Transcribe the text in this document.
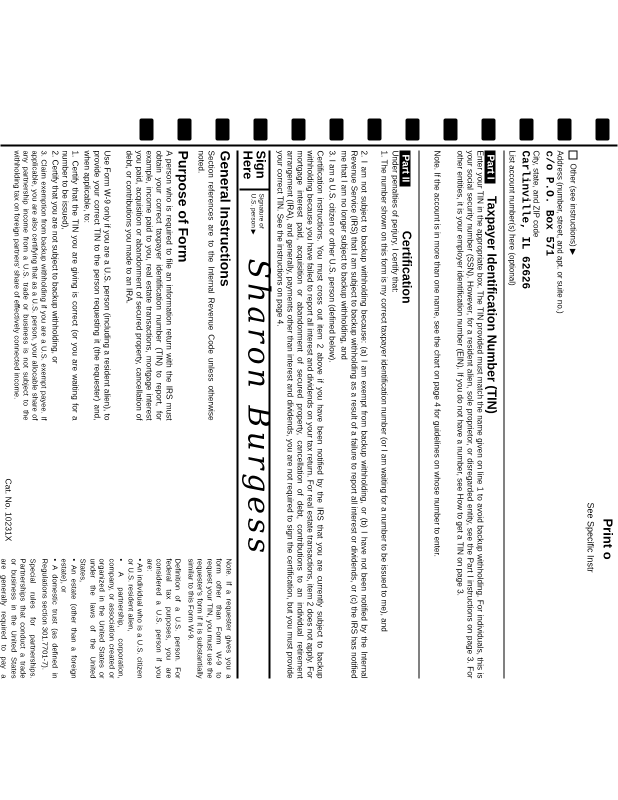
Print o
See Specific Instr
Other (see instructions) ▶
Address (number, street, and apt. or suite no.)
c/o P.O. Box 571
City, state, and ZIP code
Carlinville, IL 62626
List account number(s) here (optional)
Part I Taxpayer Identification Number (TIN)
Enter your TIN in the appropriate box. The TIN provided must match the name given on line 1 to avoid backup withholding. For individuals, this is your social security number (SSN). However, for a resident alien, sole proprietor, or disregarded entity, see the Part I instructions on page 3. For other entities, it is your employer identification number (EIN). If you do not have a number, see How to get a TIN on page 3.
Note. If the account is in more than one name, see the chart on page 4 for guidelines on whose number to enter.
Part II Certification
Under penalties of perjury, I certify that:
1. The number shown on this form is my correct taxpayer identification number (or I am waiting for a number to be issued to me), and
2. I am not subject to backup withholding because: (a) I am exempt from backup withholding, or (b) I have not been notified by the Internal Revenue Service (IRS) that I am subject to backup withholding as a result of a failure to report all interest or dividends, or (c) the IRS has notified me that I am no longer subject to backup withholding, and
3. I am a U.S. citizen or other U.S. person (defined below).
Certification instructions. You must cross out item 2 above if you have been notified by the IRS that you are currently subject to backup withholding because you have failed to report all interest and dividends on your tax return. For real estate transactions, item 2 does not apply. For mortgage interest paid, acquisition or abandonment of secured property, cancellation of debt, contributions to an individual retirement arrangement (IRA), and generally, payments other than interest and dividends, you are not required to sign the certification, but you must provide your correct TIN. See the instructions on page 4.
Sign
Here
Signature of
U.S. person ▶
Sharon Burgess
General Instructions
Section references are to the Internal Revenue Code unless otherwise noted.
Purpose of Form
A person who is required to file an information return with the IRS must obtain your correct taxpayer identification number (TIN) to report, for example, income paid to you, real estate transactions, mortgage interest you paid, acquisition or abandonment of secured property, cancellation of debt, or contributions you made to an IRA.
Use Form W-9 only if you are a U.S. person (including a resident alien), to provide your correct TIN to the person requesting it (the requester) and, when applicable, to:
1. Certify that the TIN you are giving is correct (or you are waiting for a number to be issued),
2. Certify that you are not subject to backup withholding, or
3. Claim exemption from backup withholding if you are a U.S. exempt payee. If applicable, you are also certifying that as a U.S. person, your allocable share of any partnership income from a U.S. trade or business is not subject to the withholding tax on foreign partners' share of effectively connected income.
Note. If a requester gives you a form other than Form W-9 to request your TIN, you must use the requester's form if it is substantially similar to this Form W-9.
Definition of a U.S. person. For federal tax purposes, you are considered a U.S. person if you are:
• An individual who is a U.S. citizen or U.S. resident alien,
• A partnership, corporation, company, or association created or organized in the United States or under the laws of the United States,
• An estate (other than a foreign estate), or
• A domestic trust (as defined in Regulations section 301.7701-7).
Special rules for partnerships. Partnerships that conduct a trade or business in the United States are generally required to pay a
Cat. No. 10231X
